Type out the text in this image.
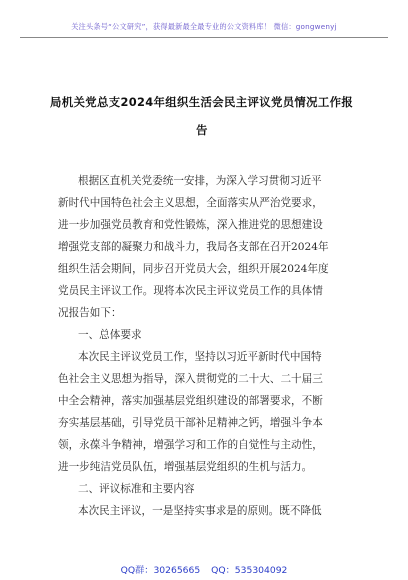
关注头条号“公文研究”，获得最新最全最专业的公文资料库！ 微信：gongwenyj
局机关党总支2024年组织生活会民主评议党员情况工作报
告
根据区直机关党委统一安排，为深入学习贯彻习近平
新时代中国特色社会主义思想，全面落实从严治党要求，
进一步加强党员教育和党性锻炼，深入推进党的思想建设
增强党支部的凝聚力和战斗力，我局各支部在召开2024年
组织生活会期间，同步召开党员大会，组织开展2024年度
党员民主评议工作。现将本次民主评议党员工作的具体情
况报告如下：
一、总体要求
本次民主评议党员工作，坚持以习近平新时代中国特
色社会主义思想为指导，深入贯彻党的二十大、二十届三
中全会精神，落实加强基层党组织建设的部署要求，不断
夯实基层基础，引导党员干部补足精神之钙，增强斗争本
领，永葆斗争精神，增强学习和工作的自觉性与主动性，
进一步纯洁党员队伍，增强基层党组织的生机与活力。
二、评议标准和主要内容
本次民主评议，一是坚持实事求是的原则。既不降低
QQ群：30265665 QQ：535304092
